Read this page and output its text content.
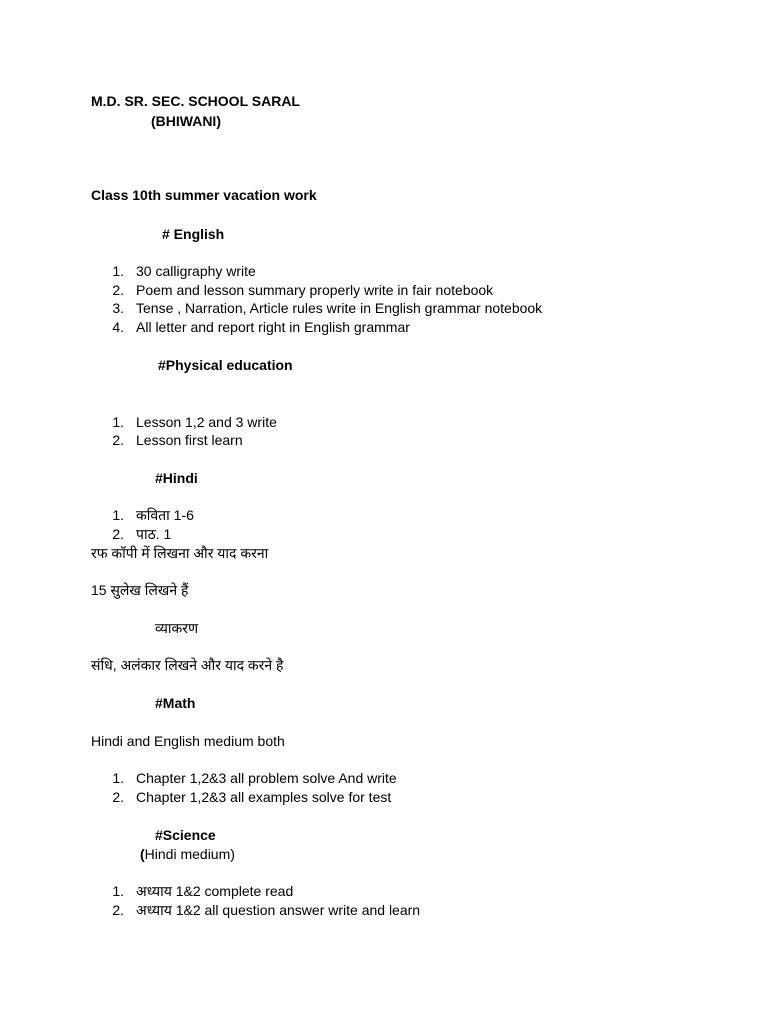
M.D. SR. SEC. SCHOOL SARAL
(BHIWANI)
Class 10th summer vacation work
# English
1. 30 calligraphy write
2. Poem and lesson summary properly write in fair notebook
3. Tense , Narration, Article rules write in English grammar notebook
4. All letter and report right in English grammar
#Physical education
1. Lesson 1,2 and 3 write
2. Lesson first learn
#Hindi
1. कविता 1-6
2. पाठ. 1
रफ कॉपी में लिखना और याद करना
15 सुलेख लिखने हैं
व्याकरण
संधि, अलंकार लिखने और याद करने है
#Math
Hindi and English medium both
1. Chapter 1,2&3 all problem solve And write
2. Chapter 1,2&3 all examples solve for test
#Science
(Hindi medium)
1. अध्याय 1&2 complete read
2. अध्याय 1&2 all question answer write and learn
